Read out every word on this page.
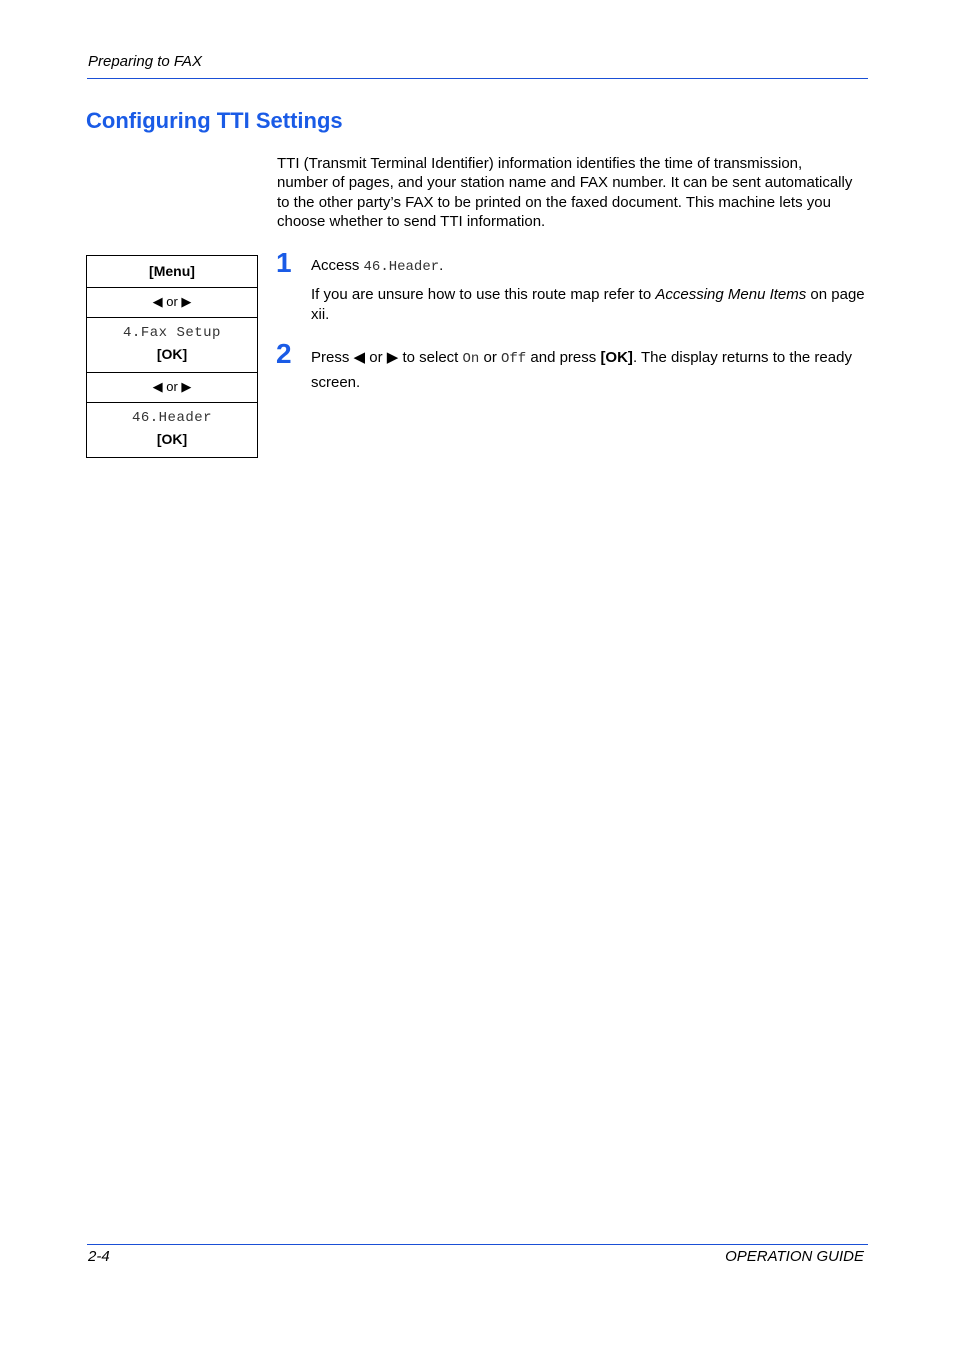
Preparing to FAX
Configuring TTI Settings

TTI (Transmit Terminal Identifier) information identifies the time of transmission, number of pages, and your station name and FAX number. It can be sent automatically to the other party’s FAX to be printed on the faxed document. This machine lets you choose whether to send TTI information.

[Menu]
◀ or ▶
4.Fax Setup
[OK]
◀ or ▶
46.Header
[OK]
1 Access 46.Header.

If you are unsure how to use this route map refer to Accessing Menu Items on page xii.

2 Press ◀ or ▶ to select On or Off and press [OK]. The display returns to the ready screen.

2-4	OPERATION GUIDE
